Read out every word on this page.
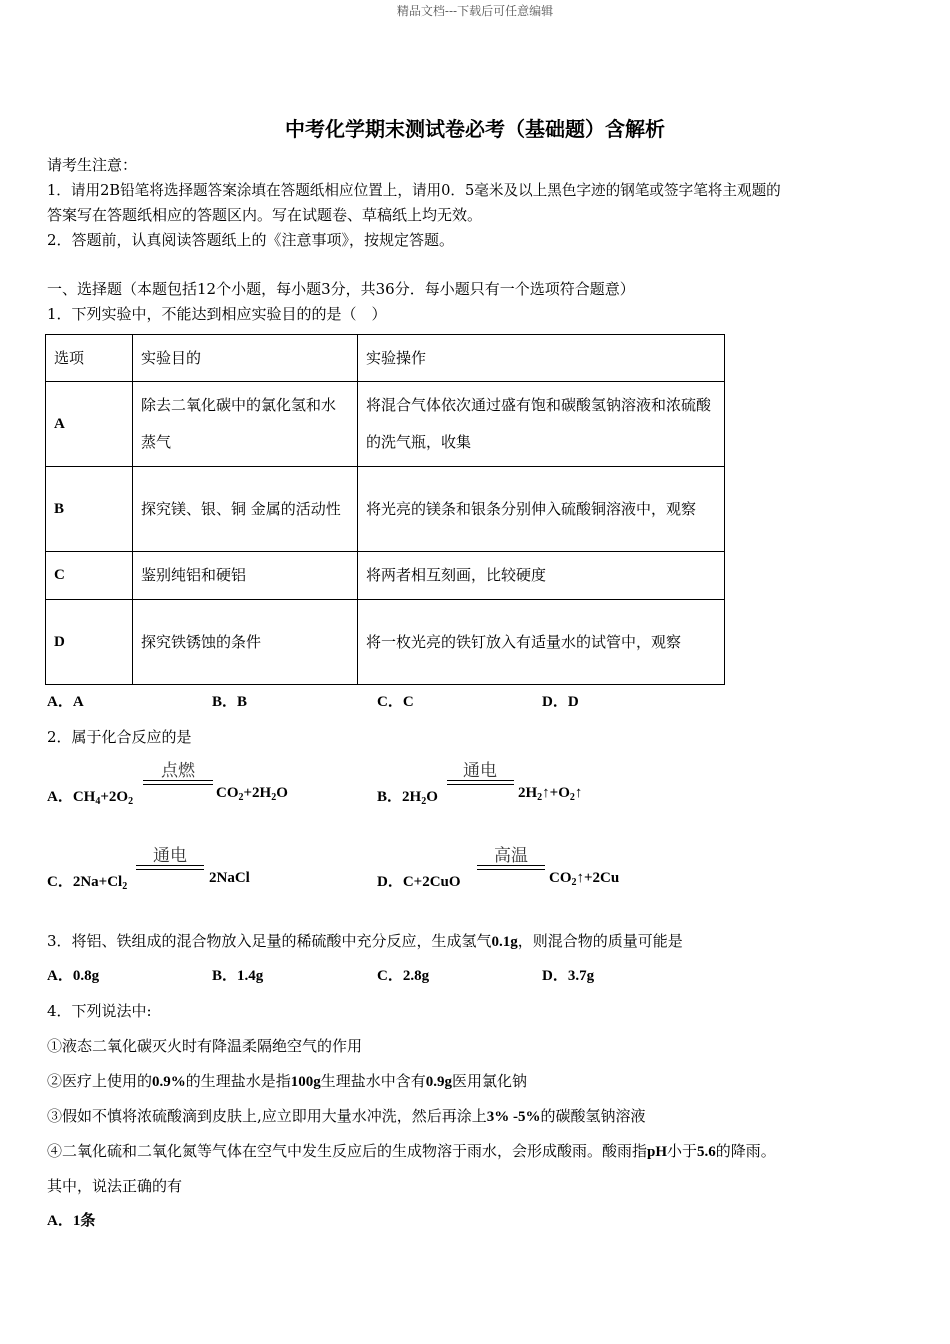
精品文档---下载后可任意编辑
中考化学期末测试卷必考（基础题）含解析
请考生注意：
1．请用2B铅笔将选择题答案涂填在答题纸相应位置上，请用0．5毫米及以上黑色字迹的钢笔或签字笔将主观题的
答案写在答题纸相应的答题区内。写在试题卷、草稿纸上均无效。
2．答题前，认真阅读答题纸上的《注意事项》，按规定答题。
一、选择题（本题包括12个小题，每小题3分，共36分．每小题只有一个选项符合题意）
1．下列实验中，不能达到相应实验目的的是（　）
选项	实验目的	实验操作
A	除去二氧化碳中的氯化氢和水蒸气	将混合气体依次通过盛有饱和碳酸氢钠溶液和浓硫酸的洗气瓶，收集
B	探究镁、银、铜 金属的活动性	将光亮的镁条和银条分别伸入硫酸铜溶液中，观察
C	鉴别纯铝和硬铝	将两者相互刻画，比较硬度
D	探究铁锈蚀的条件	将一枚光亮的铁钉放入有适量水的试管中，观察
A．A	B．B	C．C	D．D
2．属于化合反应的是
A．$CH_4+2O_2$
点燃
$CO_2+2H_2O$	B．$2H_2O$
通电
$2H_2↑+O_2↑$
C．$2Na+Cl_2$
通电
2NaCl	D．C+2CuO
高温
$CO_2↑+2Cu$
3．将铝、铁组成的混合物放入足量的稀硫酸中充分反应，生成氢气0.1g，则混合物的质量可能是
A．0.8g	B．1.4g	C．2.8g	D．3.7g
4．下列说法中:
①液态二氧化碳灭火时有降温柔隔绝空气的作用
②医疗上使用的0.9%的生理盐水是指100g生理盐水中含有0.9g医用氯化钠
③假如不慎将浓硫酸滴到皮肤上,应立即用大量水冲洗，然后再涂上3% -5%的碳酸氢钠溶液
④二氧化硫和二氧化氮等气体在空气中发生反应后的生成物溶于雨水，会形成酸雨。酸雨指pH小于5.6的降雨。
其中，说法正确的有
A．1条
